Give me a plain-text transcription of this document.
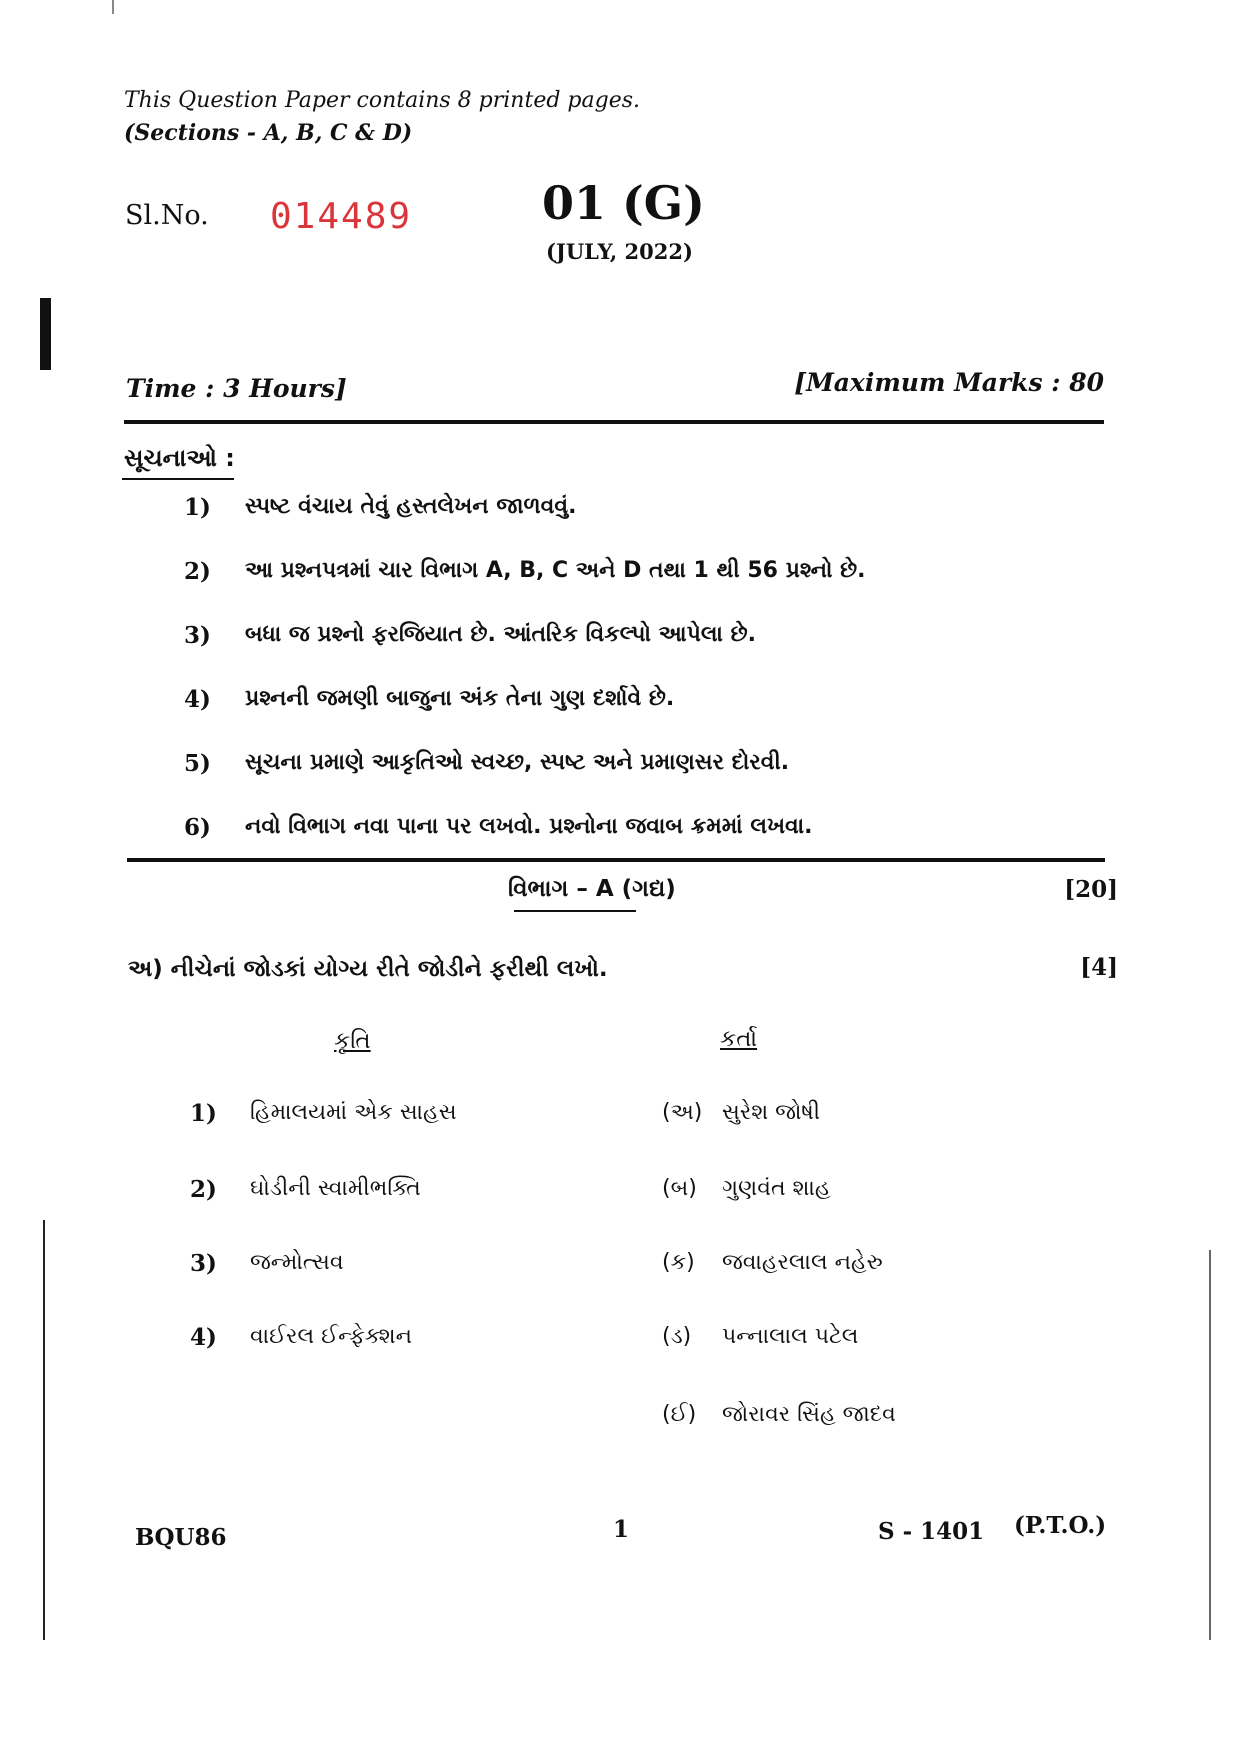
This Question Paper contains 8 printed pages.
(Sections - A, B, C & D)
Sl.No. 014489	01 (G)
(JULY, 2022)
Time : 3 Hours]	[Maximum Marks : 80
સૂચનાઓ :
1) સ્પષ્ટ વંચાય તેવું હસ્તલેખન જાળવવું.
2) આ પ્રશ્નપત્રમાં ચાર વિભાગ A, B, C અને D તથા 1 થી 56 પ્રશ્નો છે.
3) બધા જ પ્રશ્નો ફરજિયાત છે. આંતરિક વિકલ્પો આપેલા છે.
4) પ્રશ્નની જમણી બાજુના અંક તેના ગુણ દર્શાવે છે.
5) સૂચના પ્રમાણે આકૃતિઓ સ્વચ્છ, સ્પષ્ટ અને પ્રમાણસર દોરવી.
6) નવો વિભાગ નવા પાના પર લખવો. પ્રશ્નોના જવાબ ક્રમમાં લખવા.
વિભાગ – A (ગદ્ય)	[20]
અ) નીચેનાં જોડકાં યોગ્ય રીતે જોડીને ફરીથી લખો.	[4]
કૃતિ	કર્તા
1) હિમાલયમાં એક સાહસ	(અ) સુરેશ જોષી
2) ઘોડીની સ્વામીભક્તિ	(બ) ગુણવંત શાહ
3) જન્મોત્સવ	(ક) જવાહરલાલ નહેરુ
4) વાઈરલ ઈન્ફેક્શન	(ડ) પન્નાલાલ પટેલ
(ઈ) જોરાવર સિંહ જાદવ
BQU86	1	S - 1401 (P.T.O.)
